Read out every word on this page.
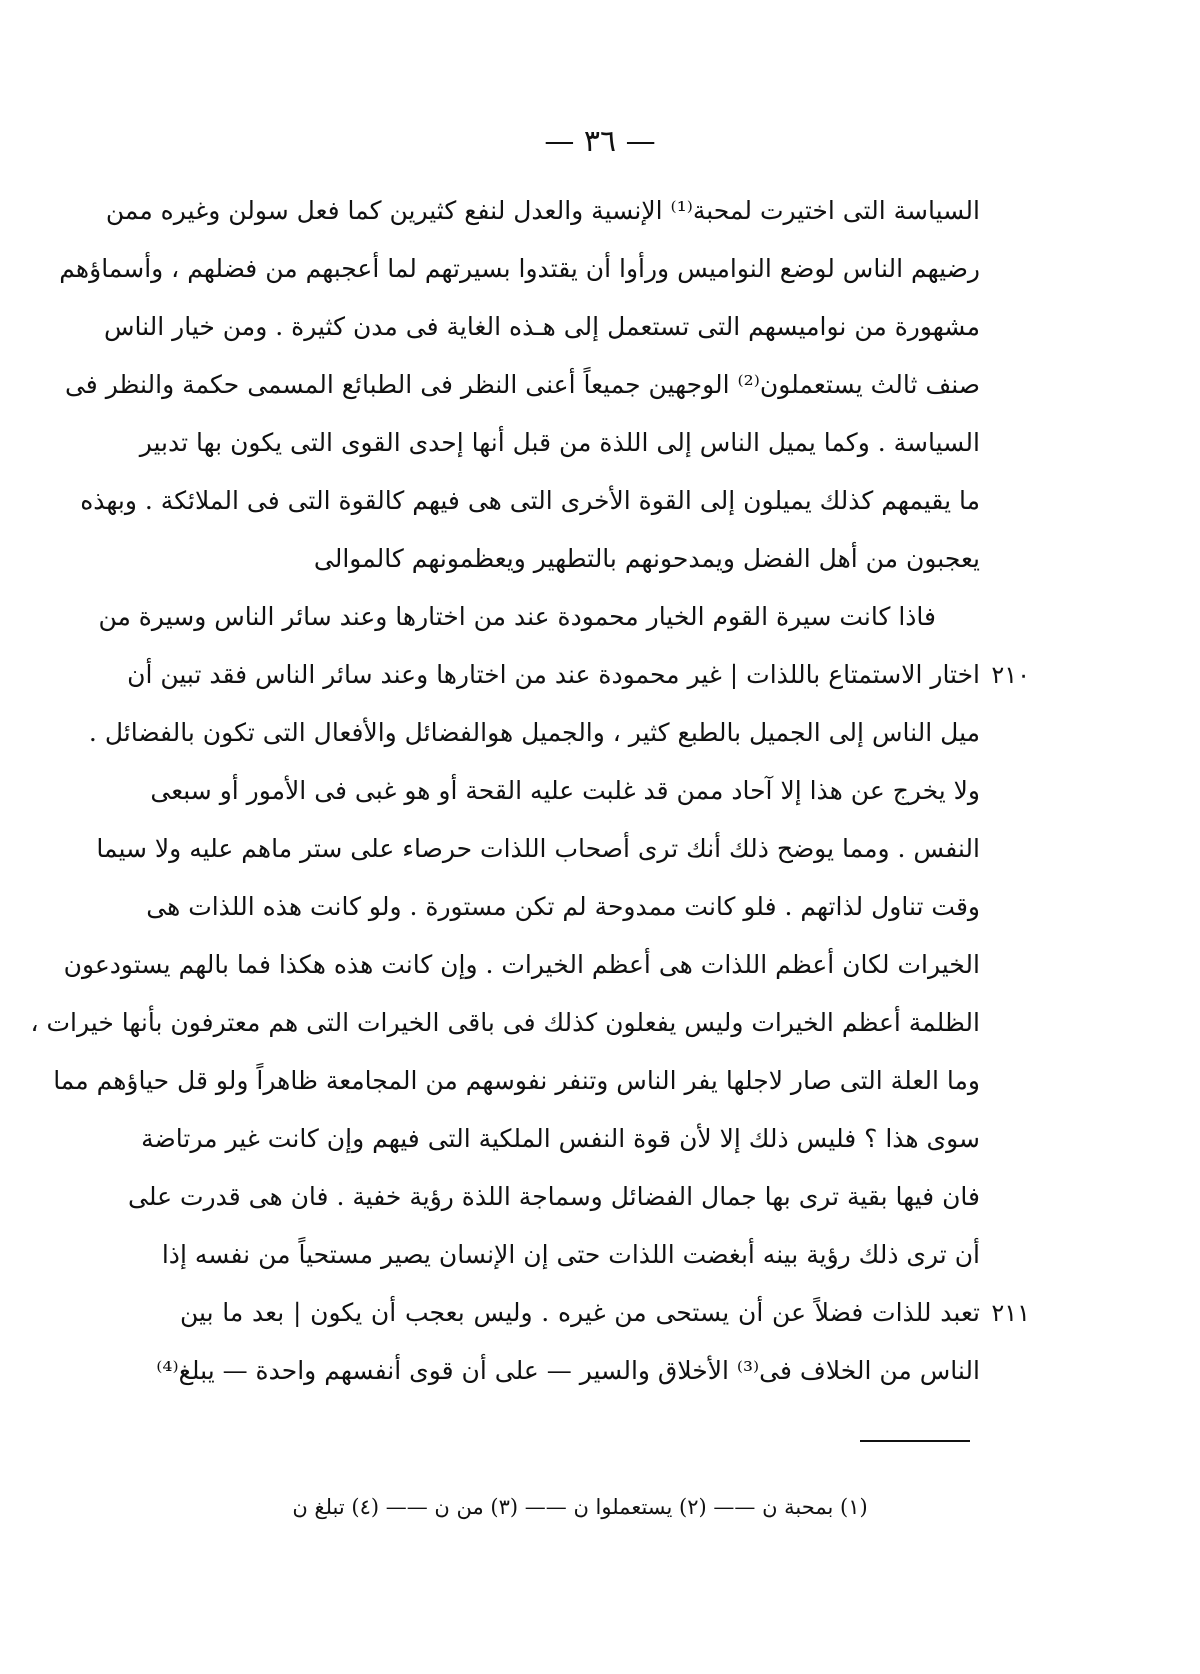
— ٣٦ —
السياسة التى اختيرت لمحبة⁽¹⁾ الإنسية والعدل لنفع كثيرين كما فعل سولن وغيره ممن
رضيهم الناس لوضع النواميس ورأوا أن يقتدوا بسيرتهم لما أعجبهم من فضلهم ، وأسماؤهم
مشهورة من نواميسهم التى تستعمل إلى هـذه الغاية فى مدن كثيرة . ومن خيار الناس
صنف ثالث يستعملون⁽²⁾ الوجهين جميعاً أعنى النظر فى الطبائع المسمى حكمة والنظر فى
السياسة . وكما يميل الناس إلى اللذة من قبل أنها إحدى القوى التى يكون بها تدبير
ما يقيمهم كذلك يميلون إلى القوة الأخرى التى هى فيهم كالقوة التى فى الملائكة . وبهذه
يعجبون من أهل الفضل ويمدحونهم بالتطهير ويعظمونهم كالموالى
فاذا كانت سيرة القوم الخيار محمودة عند من اختارها وعند سائر الناس وسيرة من
اختار الاستمتاع باللذات | غير محمودة عند من اختارها وعند سائر الناس فقد تبين أن
ميل الناس إلى الجميل بالطبع كثير ، والجميل هوالفضائل والأفعال التى تكون بالفضائل .
ولا يخرج عن هذا إلا آحاد ممن قد غلبت عليه القحة أو هو غبى فى الأمور أو سبعى
النفس . ومما يوضح ذلك أنك ترى أصحاب اللذات حرصاء على ستر ماهم عليه ولا سيما
وقت تناول لذاتهم . فلو كانت ممدوحة لم تكن مستورة . ولو كانت هذه اللذات هى
الخيرات لكان أعظم اللذات هى أعظم الخيرات . وإن كانت هذه هكذا فما بالهم يستودعون
الظلمة أعظم الخيرات وليس يفعلون كذلك فى باقى الخيرات التى هم معترفون بأنها خيرات ،
وما العلة التى صار لاجلها يفر الناس وتنفر نفوسهم من المجامعة ظاهراً ولو قل حياؤهم مما
سوى هذا ؟ فليس ذلك إلا لأن قوة النفس الملكية التى فيهم وإن كانت غير مرتاضة
فان فيها بقية ترى بها جمال الفضائل وسماجة اللذة رؤية خفية . فان هى قدرت على
أن ترى ذلك رؤية بينه أبغضت اللذات حتى إن الإنسان يصير مستحياً من نفسه إذا
تعبد للذات فضلاً عن أن يستحى من غيره . وليس بعجب أن يكون | بعد ما بين
الناس من الخلاف فى⁽³⁾ الأخلاق والسير — على أن قوى أنفسهم واحدة — يبلغ⁽⁴⁾
٢١٠
٢١١
(١) بمحبة ن —— (٢) يستعملوا ن —— (٣) من ن —— (٤) تبلغ ن
